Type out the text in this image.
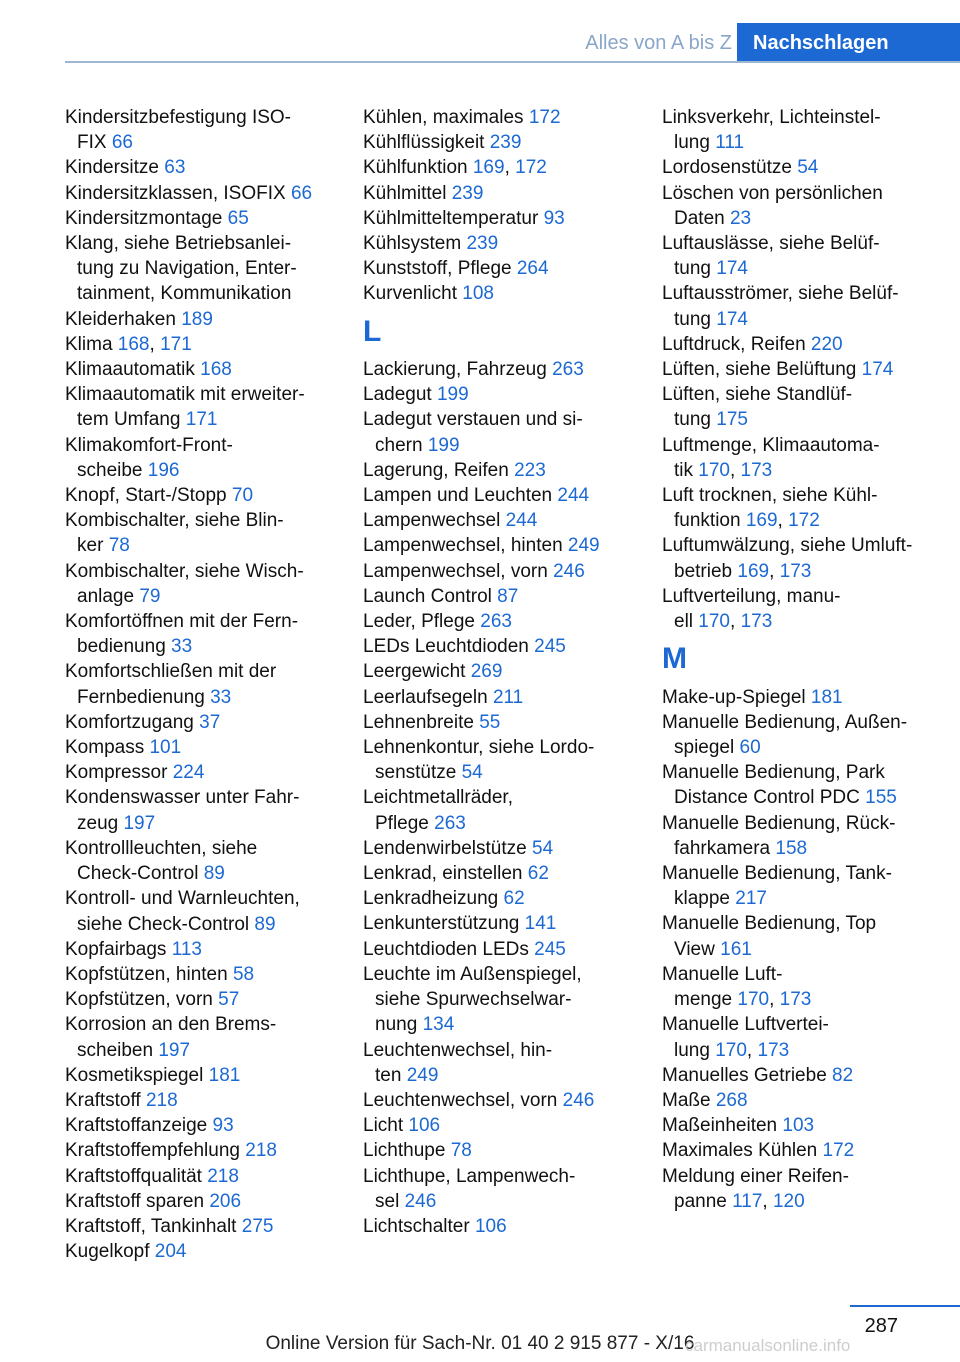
Alles von A bis Z	Nachschlagen
Kindersitzbefestigung ISO-
FIX 66
Kindersitze 63
Kindersitzklassen, ISOFIX 66
Kindersitzmontage 65
Klang, siehe Betriebsanlei-
tung zu Navigation, Enter-
tainment, Kommunikation
Kleiderhaken 189
Klima 168, 171
Klimaautomatik 168
Klimaautomatik mit erweiter-
tem Umfang 171
Klimakomfort-Front-
scheibe 196
Knopf, Start-/Stopp 70
Kombischalter, siehe Blin-
ker 78
Kombischalter, siehe Wisch-
anlage 79
Komfortöffnen mit der Fern-
bedienung 33
Komfortschließen mit der
Fernbedienung 33
Komfortzugang 37
Kompass 101
Kompressor 224
Kondenswasser unter Fahr-
zeug 197
Kontrollleuchten, siehe
Check-Control 89
Kontroll- und Warnleuchten,
siehe Check-Control 89
Kopfairbags 113
Kopfstützen, hinten 58
Kopfstützen, vorn 57
Korrosion an den Brems-
scheiben 197
Kosmetikspiegel 181
Kraftstoff 218
Kraftstoffanzeige 93
Kraftstoffempfehlung 218
Kraftstoffqualität 218
Kraftstoff sparen 206
Kraftstoff, Tankinhalt 275
Kugelkopf 204
Kühlen, maximales 172
Kühlflüssigkeit 239
Kühlfunktion 169, 172
Kühlmittel 239
Kühlmitteltemperatur 93
Kühlsystem 239
Kunststoff, Pflege 264
Kurvenlicht 108
L
Lackierung, Fahrzeug 263
Ladegut 199
Ladegut verstauen und si-
chern 199
Lagerung, Reifen 223
Lampen und Leuchten 244
Lampenwechsel 244
Lampenwechsel, hinten 249
Lampenwechsel, vorn 246
Launch Control 87
Leder, Pflege 263
LEDs Leuchtdioden 245
Leergewicht 269
Leerlaufsegeln 211
Lehnenbreite 55
Lehnenkontur, siehe Lordo-
senstütze 54
Leichtmetallräder,
Pflege 263
Lendenwirbelstütze 54
Lenkrad, einstellen 62
Lenkradheizung 62
Lenkunterstützung 141
Leuchtdioden LEDs 245
Leuchte im Außenspiegel,
siehe Spurwechselwar-
nung 134
Leuchtenwechsel, hin-
ten 249
Leuchtenwechsel, vorn 246
Licht 106
Lichthupe 78
Lichthupe, Lampenwech-
sel 246
Lichtschalter 106
Linksverkehr, Lichteinstel-
lung 111
Lordosenstütze 54
Löschen von persönlichen
Daten 23
Luftauslässe, siehe Belüf-
tung 174
Luftausströmer, siehe Belüf-
tung 174
Luftdruck, Reifen 220
Lüften, siehe Belüftung 174
Lüften, siehe Standlüf-
tung 175
Luftmenge, Klimaautoma-
tik 170, 173
Luft trocknen, siehe Kühl-
funktion 169, 172
Luftumwälzung, siehe Umluft-
betrieb 169, 173
Luftverteilung, manu-
ell 170, 173
M
Make-up-Spiegel 181
Manuelle Bedienung, Außen-
spiegel 60
Manuelle Bedienung, Park
Distance Control PDC 155
Manuelle Bedienung, Rück-
fahrkamera 158
Manuelle Bedienung, Tank-
klappe 217
Manuelle Bedienung, Top
View 161
Manuelle Luft-
menge 170, 173
Manuelle Luftvertei-
lung 170, 173
Manuelles Getriebe 82
Maße 268
Maßeinheiten 103
Maximales Kühlen 172
Meldung einer Reifen-
panne 117, 120
287
Online Version für Sach-Nr. 01 40 2 915 877 - X/16
carmanualsonline.info
